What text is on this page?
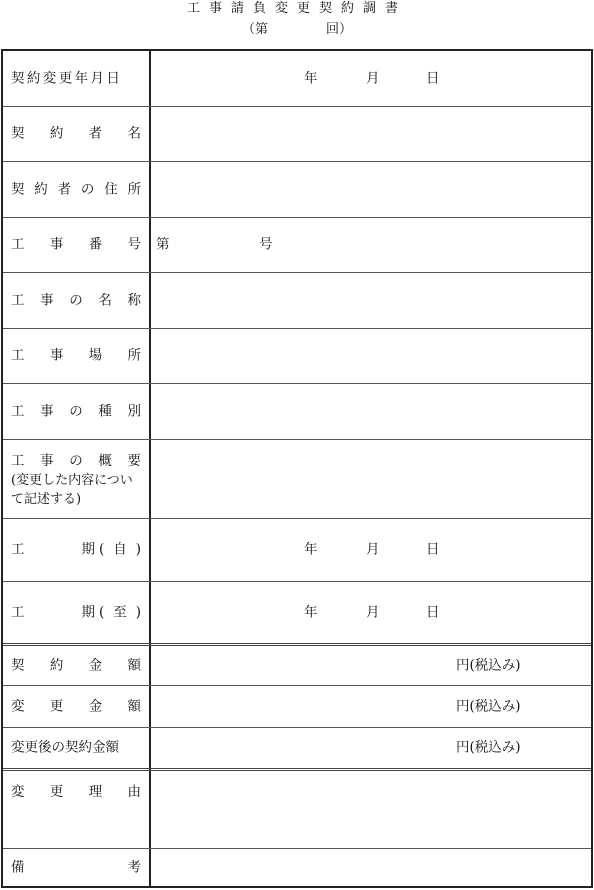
工事請負変更契約調書
（第	回）
契約変更年月日	年	月	日
契 約 者 名
契 約 者 の 住 所
工 事 番 号 第	号
工 事 の 名 称
工 事 場 所
工 事 の 種 別
工 事 の 概 要
(変更した内容について記述する)
工	期 ( 自 )	年	月	日
工	期 ( 至 )	年	月	日
契 約 金 額	円(税込み)
変 更 金 額	円(税込み)
変更後の契約金額	円(税込み)
変 更 理 由
備	考
